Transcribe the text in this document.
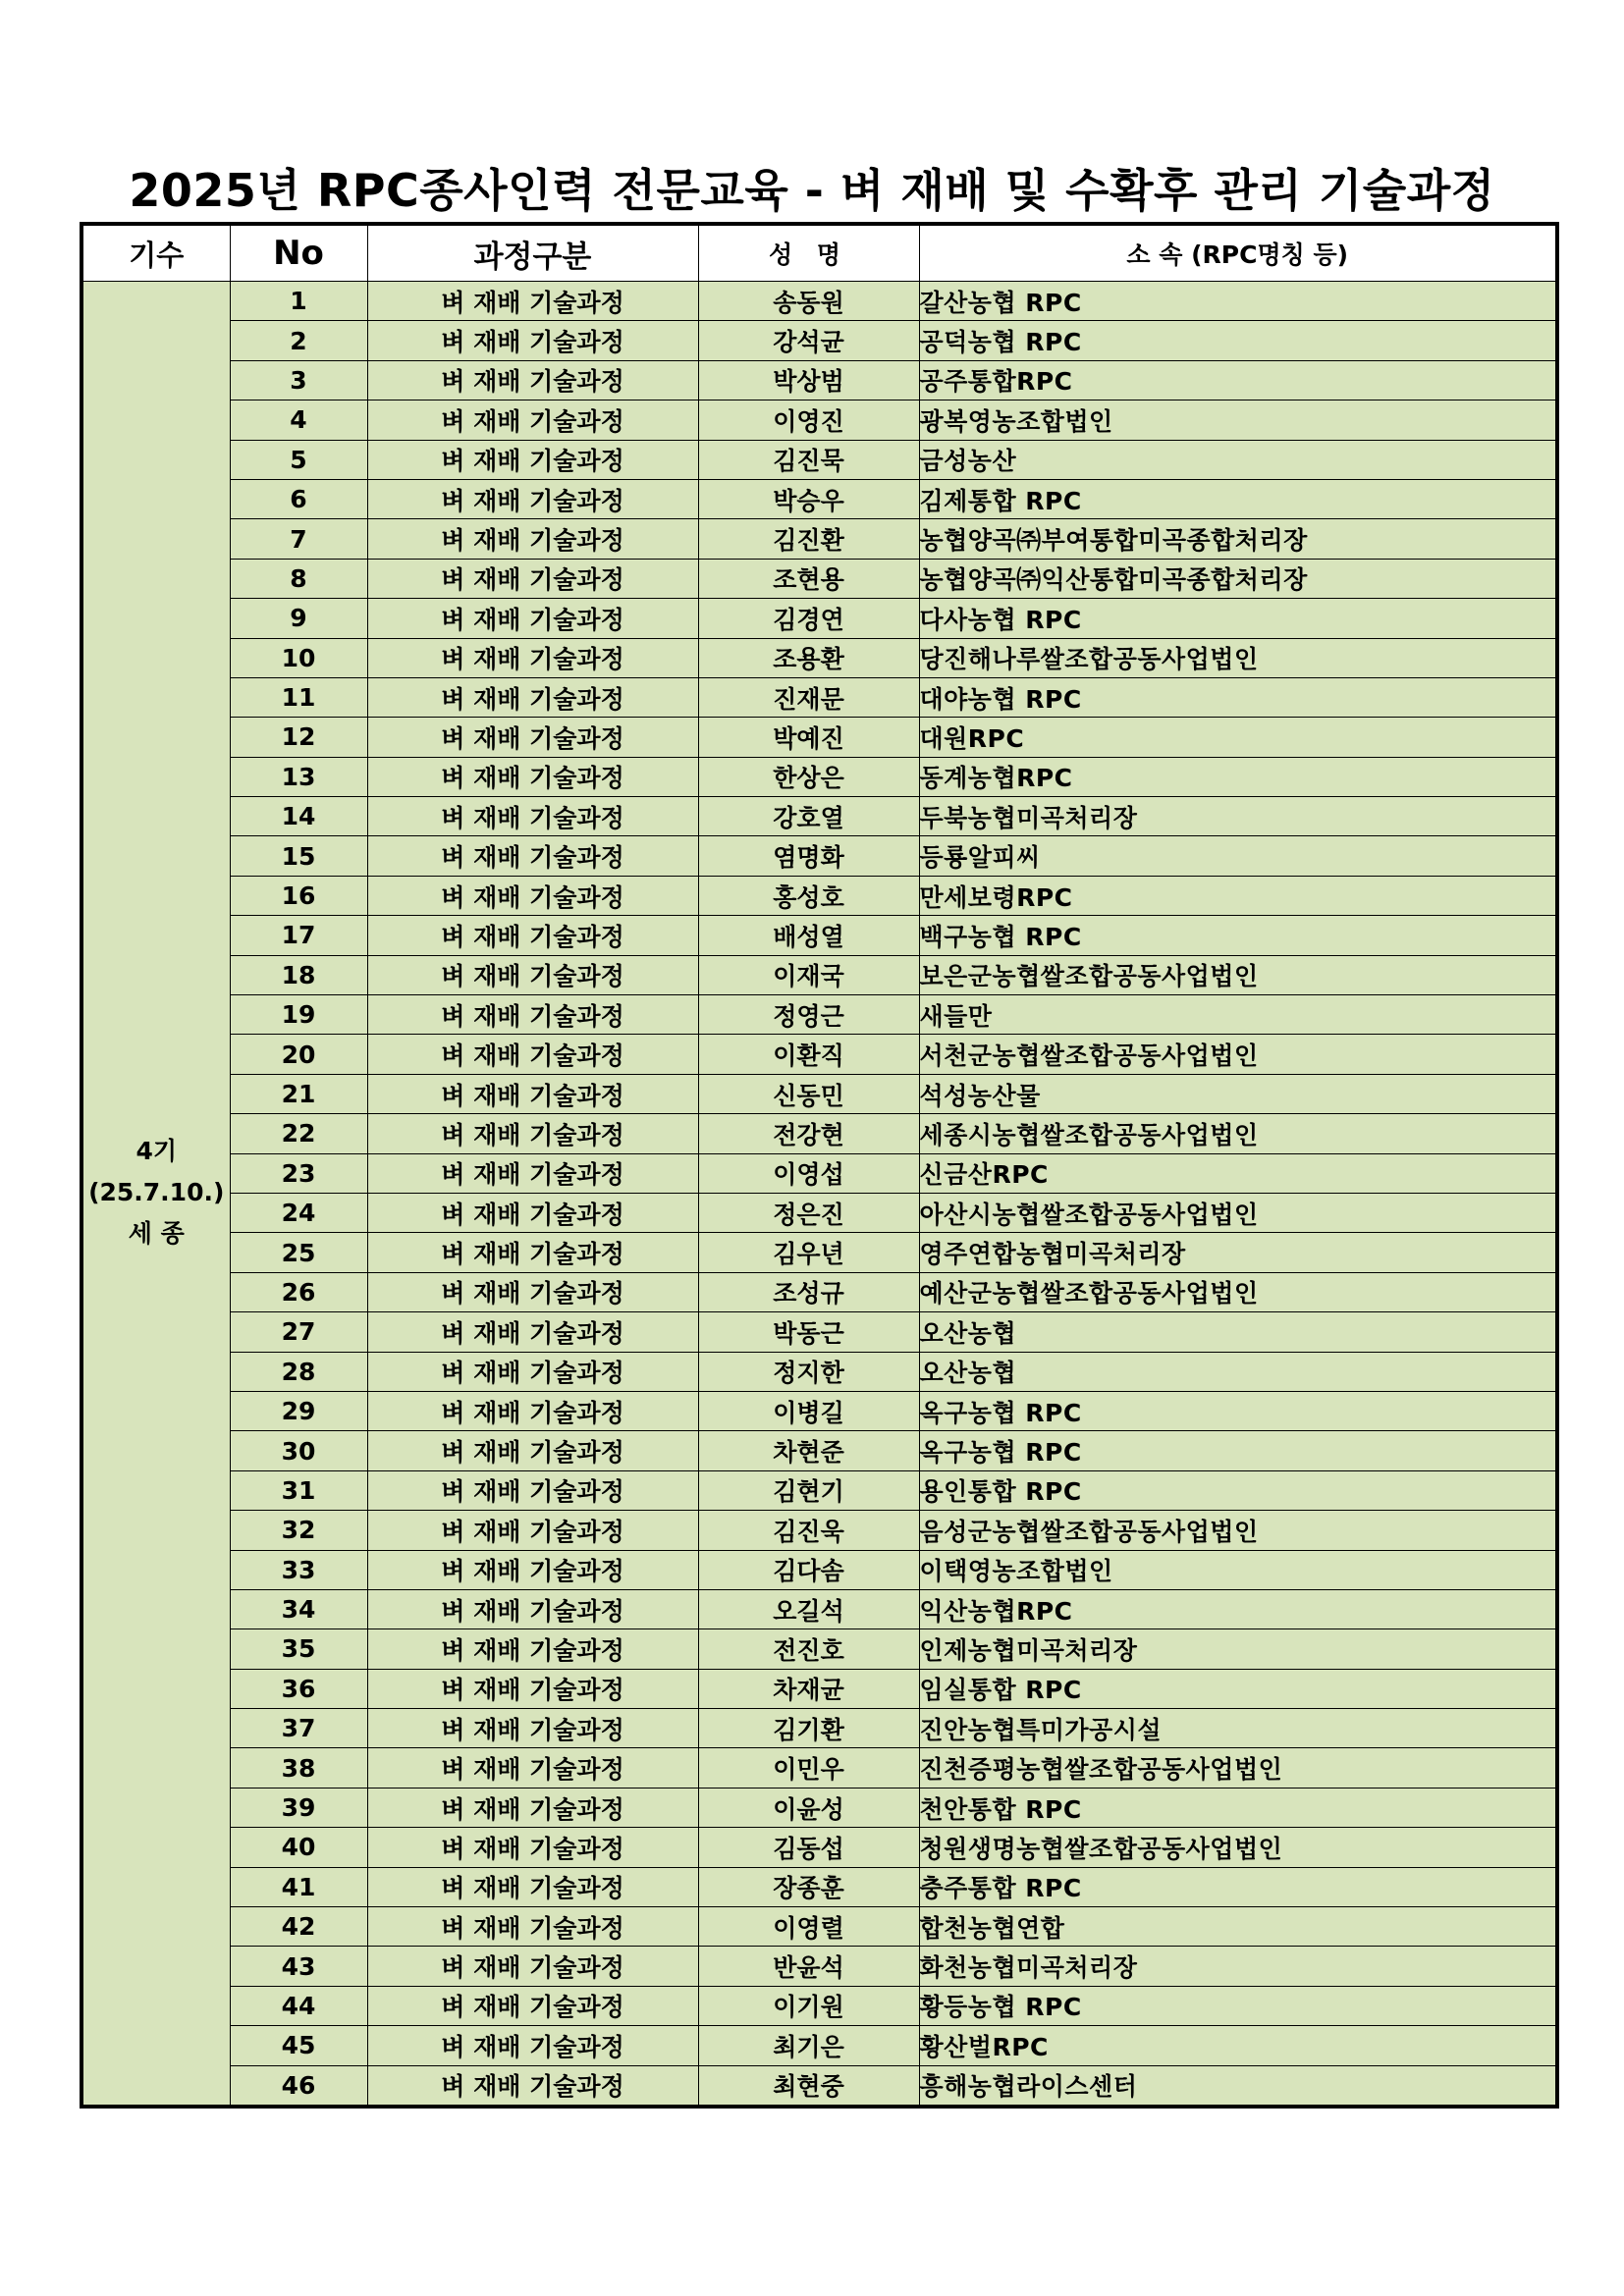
2025년 RPC종사인력 전문교육 - 벼 재배 및 수확후 관리 기술과정
기수	No	과정구분	성 명	소 속 (RPC명칭 등)

4기
(25.7.10.)
세 종	1	벼 재배 기술과정	송동원	갈산농협 RPC
	2	벼 재배 기술과정	강석균	공덕농협 RPC
	3	벼 재배 기술과정	박상범	공주통합RPC
	4	벼 재배 기술과정	이영진	광복영농조합법인
	5	벼 재배 기술과정	김진묵	금성농산
	6	벼 재배 기술과정	박승우	김제통합 RPC
	7	벼 재배 기술과정	김진환	농협양곡㈜부여통합미곡종합처리장
	8	벼 재배 기술과정	조현용	농협양곡㈜익산통합미곡종합처리장
	9	벼 재배 기술과정	김경연	다사농협 RPC
	10	벼 재배 기술과정	조용환	당진해나루쌀조합공동사업법인
	11	벼 재배 기술과정	진재문	대야농협 RPC
	12	벼 재배 기술과정	박예진	대원RPC
	13	벼 재배 기술과정	한상은	동계농협RPC
	14	벼 재배 기술과정	강호열	두북농협미곡처리장
	15	벼 재배 기술과정	염명화	등룡알피씨
	16	벼 재배 기술과정	홍성호	만세보령RPC
	17	벼 재배 기술과정	배성열	백구농협 RPC
	18	벼 재배 기술과정	이재국	보은군농협쌀조합공동사업법인
	19	벼 재배 기술과정	정영근	새들만
	20	벼 재배 기술과정	이환직	서천군농협쌀조합공동사업법인
	21	벼 재배 기술과정	신동민	석성농산물
	22	벼 재배 기술과정	전강현	세종시농협쌀조합공동사업법인
	23	벼 재배 기술과정	이영섭	신금산RPC
	24	벼 재배 기술과정	정은진	아산시농협쌀조합공동사업법인
	25	벼 재배 기술과정	김우년	영주연합농협미곡처리장
	26	벼 재배 기술과정	조성규	예산군농협쌀조합공동사업법인
	27	벼 재배 기술과정	박동근	오산농협
	28	벼 재배 기술과정	정지한	오산농협
	29	벼 재배 기술과정	이병길	옥구농협 RPC
	30	벼 재배 기술과정	차현준	옥구농협 RPC
	31	벼 재배 기술과정	김현기	용인통합 RPC
	32	벼 재배 기술과정	김진욱	음성군농협쌀조합공동사업법인
	33	벼 재배 기술과정	김다솜	이택영농조합법인
	34	벼 재배 기술과정	오길석	익산농협RPC
	35	벼 재배 기술과정	전진호	인제농협미곡처리장
	36	벼 재배 기술과정	차재균	임실통합 RPC
	37	벼 재배 기술과정	김기환	진안농협특미가공시설
	38	벼 재배 기술과정	이민우	진천증평농협쌀조합공동사업법인
	39	벼 재배 기술과정	이윤성	천안통합 RPC
	40	벼 재배 기술과정	김동섭	청원생명농협쌀조합공동사업법인
	41	벼 재배 기술과정	장종훈	충주통합 RPC
	42	벼 재배 기술과정	이영렬	합천농협연합
	43	벼 재배 기술과정	반윤석	화천농협미곡처리장
	44	벼 재배 기술과정	이기원	황등농협 RPC
	45	벼 재배 기술과정	최기은	황산벌RPC
	46	벼 재배 기술과정	최현중	흥해농협라이스센터
